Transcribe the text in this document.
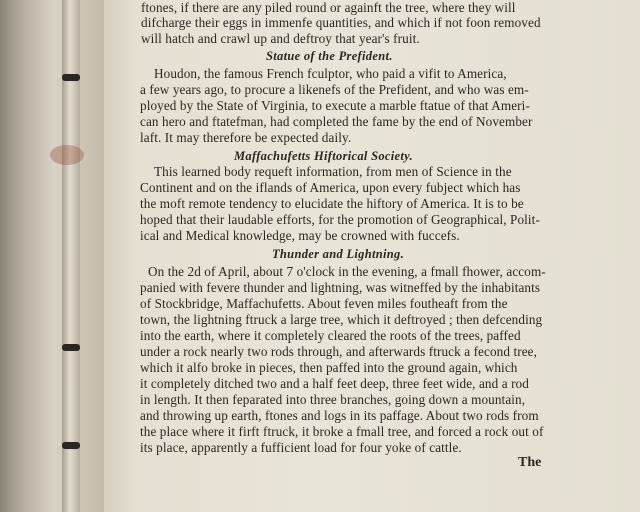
ftones, if there are any piled round or againft the tree, where they will
difcharge their eggs in immenfe quantities, and which if not foon removed
will hatch and crawl up and deftroy that year's fruit.
Statue of the Prefident.
Houdon, the famous French fculptor, who paid a vifit to America,
a few years ago, to procure a likenefs of the Prefident, and who was em-
ployed by the State of Virginia, to execute a marble ftatue of that Ameri-
can hero and ftatefman, had completed the fame by the end of November
laft. It may therefore be expected daily.
Maffachufetts Hiftorical Society.
This learned body requeft information, from men of Science in the
Continent and on the iflands of America, upon every fubject which has
the moft remote tendency to elucidate the hiftory of America. It is to be
hoped that their laudable efforts, for the promotion of Geographical, Polit-
ical and Medical knowledge, may be crowned with fuccefs.
Thunder and Lightning.
On the 2d of April, about 7 o'clock in the evening, a fmall fhower, accom-
panied with fevere thunder and lightning, was witneffed by the inhabitants
of Stockbridge, Maffachufetts. About feven miles foutheaft from the
town, the lightning ftruck a large tree, which it deftroyed ; then defcending
into the earth, where it completely cleared the roots of the trees, paffed
under a rock nearly two rods through, and afterwards ftruck a fecond tree,
which it alfo broke in pieces, then paffed into the ground again, which
it completely ditched two and a half feet deep, three feet wide, and a rod
in length. It then feparated into three branches, going down a mountain,
and throwing up earth, ftones and logs in its paffage. About two rods from
the place where it firft ftruck, it broke a fmall tree, and forced a rock out of
its place, apparently a fufficient load for four yoke of cattle.
The
